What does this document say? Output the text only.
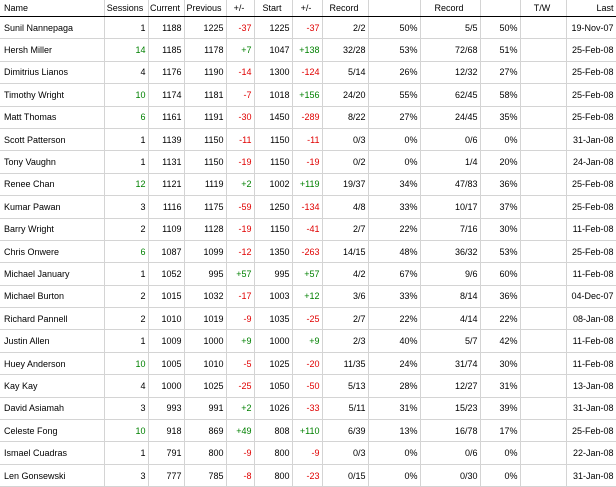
Name	Sessions	Current	Previous	+/-	Start	+/-	Record		Record		T/W	Last
Sunil Nannepaga	1	1188	1225	-37	1225	-37	2/2	50%	5/5	50%		19-Nov-07
Hersh Miller	14	1185	1178	+7	1047	+138	32/28	53%	72/68	51%		25-Feb-08
Dimitrius Lianos	4	1176	1190	-14	1300	-124	5/14	26%	12/32	27%		25-Feb-08
Timothy Wright	10	1174	1181	-7	1018	+156	24/20	55%	62/45	58%		25-Feb-08
Matt Thomas	6	1161	1191	-30	1450	-289	8/22	27%	24/45	35%		25-Feb-08
Scott Patterson	1	1139	1150	-11	1150	-11	0/3	0%	0/6	0%		31-Jan-08
Tony Vaughn	1	1131	1150	-19	1150	-19	0/2	0%	1/4	20%		24-Jan-08
Renee Chan	12	1121	1119	+2	1002	+119	19/37	34%	47/83	36%		25-Feb-08
Kumar Pawan	3	1116	1175	-59	1250	-134	4/8	33%	10/17	37%		25-Feb-08
Barry Wright	2	1109	1128	-19	1150	-41	2/7	22%	7/16	30%		11-Feb-08
Chris Onwere	6	1087	1099	-12	1350	-263	14/15	48%	36/32	53%		25-Feb-08
Michael January	1	1052	995	+57	995	+57	4/2	67%	9/6	60%		11-Feb-08
Michael Burton	2	1015	1032	-17	1003	+12	3/6	33%	8/14	36%		04-Dec-07
Richard Pannell	2	1010	1019	-9	1035	-25	2/7	22%	4/14	22%		08-Jan-08
Justin Allen	1	1009	1000	+9	1000	+9	2/3	40%	5/7	42%		11-Feb-08
Huey Anderson	10	1005	1010	-5	1025	-20	11/35	24%	31/74	30%		11-Feb-08
Kay Kay	4	1000	1025	-25	1050	-50	5/13	28%	12/27	31%		13-Jan-08
David Asiamah	3	993	991	+2	1026	-33	5/11	31%	15/23	39%		31-Jan-08
Celeste Fong	10	918	869	+49	808	+110	6/39	13%	16/78	17%		25-Feb-08
Ismael Cuadras	1	791	800	-9	800	-9	0/3	0%	0/6	0%		22-Jan-08
Len Gonsewski	3	777	785	-8	800	-23	0/15	0%	0/30	0%		31-Jan-08
